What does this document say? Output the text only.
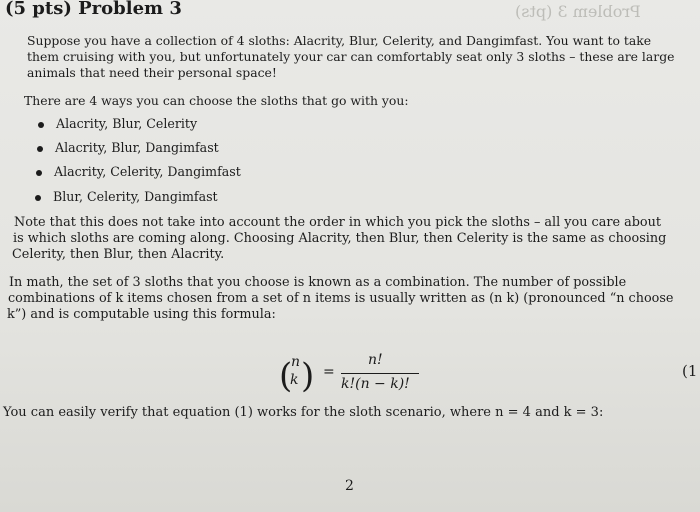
(5 pts) Problem 3	Problem 3 (pts)
Suppose you have a collection of 4 sloths: Alacrity, Blur, Celerity, and Dangimfast. You want to take
them cruising with you, but unfortunately your car can comfortably seat only 3 sloths – these are large
animals that need their personal space!
There are 4 ways you can choose the sloths that go with you:
Alacrity, Blur, Celerity
Alacrity, Blur, Dangimfast
Alacrity, Celerity, Dangimfast
Blur, Celerity, Dangimfast
Note that this does not take into account the order in which you pick the sloths – all you care about
is which sloths are coming along. Choosing Alacrity, then Blur, then Celerity is the same as choosing
Celerity, then Blur, then Alacrity.
In math, the set of 3 sloths that you choose is known as a combination. The number of possible
combinations of k items chosen from a set of n items is usually written as (n k) (pronounced “n choose
k”) and is computable using this formula:
(
n
k ) =
n!
k!(n − k)!
(1
You can easily verify that equation (1) works for the sloth scenario, where n = 4 and k = 3:
2
